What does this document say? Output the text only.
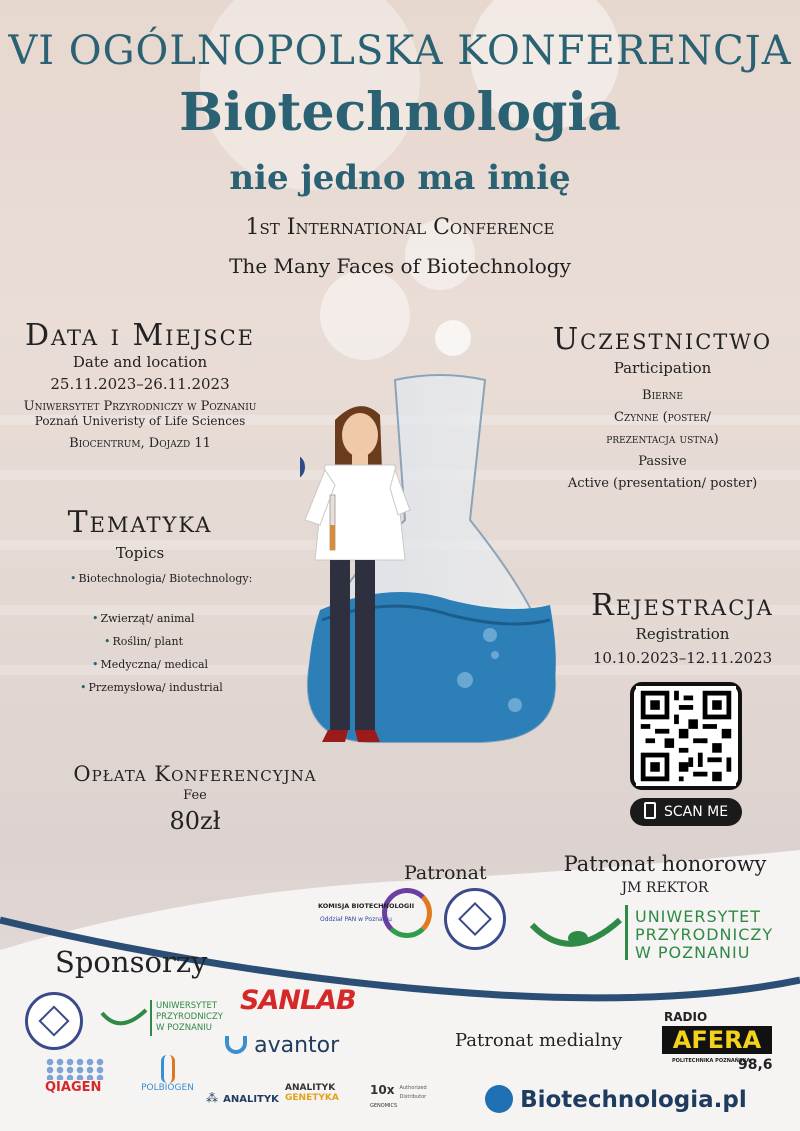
VI OGÓLNOPOLSKA KONFERENCJA
Biotechnologia
nie jedno ma imię
1st International Conference
The Many Faces of Biotechnology
Data i Miejsce
Date and location
25.11.2023–26.11.2023
Uniwersytet Przyrodniczy w Poznaniu
Poznań Univeristy of Life Sciences
Biocentrum, Dojazd 11
Uczestnictwo
Participation
Bierne
Czynne (poster/
prezentacja ustna)
Passive
Active (presentation/ poster)
Tematyka
Topics
• Biotechnologia/ Biotechnology:
• Zwierząt/ animal
• Roślin/ plant
• Medyczna/ medical
• Przemysłowa/ industrial
Rejestracja
Registration
10.10.2023–12.11.2023
SCAN ME
Opłata Konferencyjna
Fee
80zł
Patronat	Patronat honorowy
JM REKTOR
KOMISJA BIOTECHNOLOGII
Oddział PAN w Poznaniu	UNIWERSYTET
PRZYRODNICZY
W POZNANIU
Sponsorzy
UNIWERSYTET
PRZYRODNICZY
W POZNANIU
SANLAB
avantor
QIAGEN	POLBIOGEN
⁂ ANALITYK
ANALITYK
GENETYKA
10x Authorized Distributor
GENOMICS
Patronat medialny
RADIO
AFERA
POLITECHNIKA POZNAŃSKA
98,6
Biotechnologia.pl
